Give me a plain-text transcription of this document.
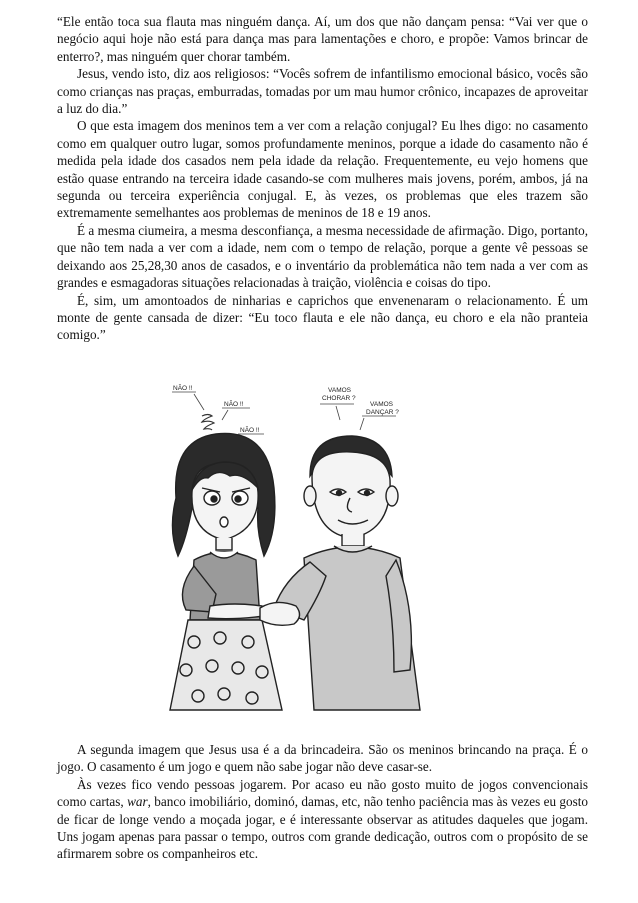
“Ele então toca sua flauta mas ninguém dança. Aí, um dos que não dançam pensa: “Vai ver que o negócio aqui hoje não está para dança mas para lamentações e choro, e propõe: Vamos brincar de enterro?, mas ninguém quer chorar também.

Jesus, vendo isto, diz aos religiosos: “Vocês sofrem de infantilismo emocional básico, vocês são como crianças nas praças, emburradas, tomadas por um mau humor crônico, incapazes de aproveitar a luz do dia.”

O que esta imagem dos meninos tem a ver com a relação conjugal? Eu lhes digo: no casamento como em qualquer outro lugar, somos profundamente meninos, porque a idade do casamento não é medida pela idade dos casados nem pela idade da relação. Frequentemente, eu vejo homens que estão quase entrando na terceira idade casando-se com mulheres mais jovens, porém, ambos, já na segunda ou terceira experiência conjugal. E, às vezes, os problemas que eles trazem são extremamente semelhantes aos problemas de meninos de 18 e 19 anos.

É a mesma ciumeira, a mesma desconfiança, a mesma necessidade de afirmação. Digo, portanto, que não tem nada a ver com a idade, nem com o tempo de relação, porque a gente vê pessoas se deixando aos 25,28,30 anos de casados, e o inventário da problemática não tem nada a ver com as grandes e esmagadoras situações relacionadas à traição, violência e coisas do tipo.

É, sim, um amontoados de ninharias e caprichos que envenenaram o relacionamento. É um monte de gente cansada de dizer: “Eu toco flauta e ele não dança, eu choro e ela não pranteia comigo.”

NÃO !!
NÃO !!
NÃO !!
VAMOS CHORAR ?
VAMOS DANÇAR ?

A segunda imagem que Jesus usa é a da brincadeira. São os meninos brincando na praça. É o jogo. O casamento é um jogo e quem não sabe jogar não deve casar-se.

Às vezes fico vendo pessoas jogarem. Por acaso eu não gosto muito de jogos convencionais como cartas, war, banco imobiliário, dominó, damas, etc, não tenho paciência mas às vezes eu gosto de ficar de longe vendo a moçada jogar, e é interessante observar as atitudes daqueles que jogam. Uns jogam apenas para passar o tempo, outros com grande dedicação, outros com o propósito de se afirmarem sobre os companheiros etc.
